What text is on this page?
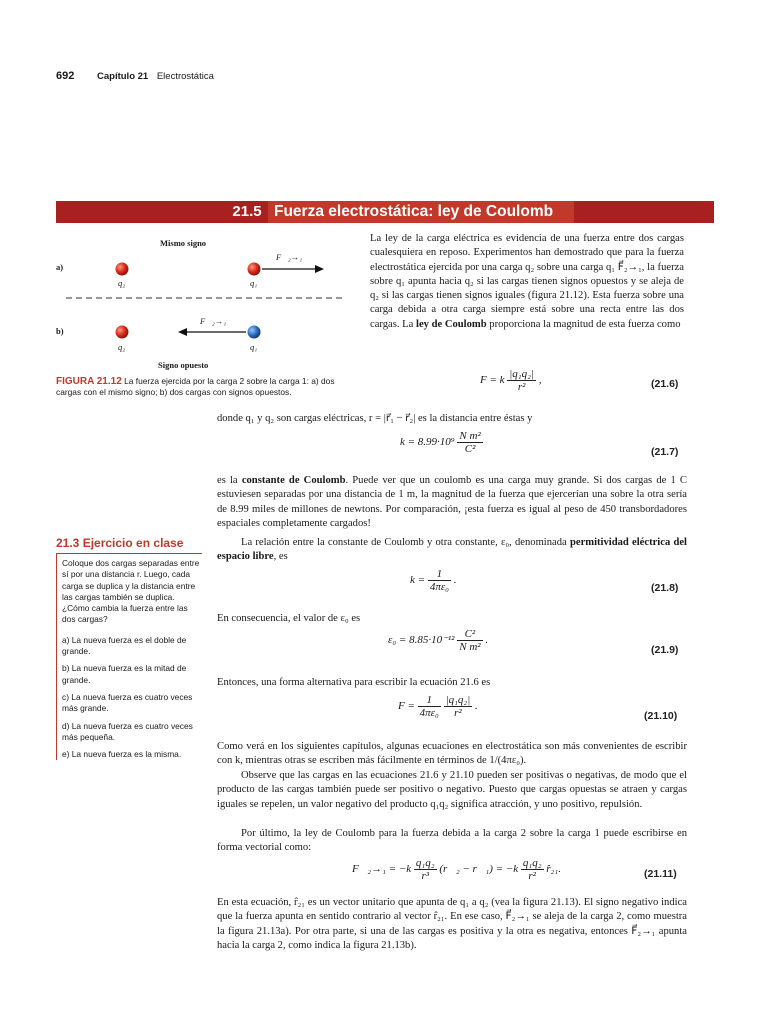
692 Capítulo 21 Electrostática
21.5 Fuerza electrostática: ley de Coulomb
Mismo signo
a)
q₂	q₁
F⃗₂→₁
b)
F⃗₂→₁
q₂	q₁
Signo opuesto
FIGURA 21.12 La fuerza ejercida por la carga 2 sobre la carga 1: a) dos cargas con el mismo signo; b) dos cargas con signos opuestos.
La ley de la carga eléctrica es evidencia de una fuerza entre dos cargas cualesquiera en reposo. Experimentos han demostrado que para la fuerza electrostática ejercida por una carga q₂ sobre una carga q₁ F⃗₂→₁, la fuerza sobre q₁ apunta hacia q₂ si las cargas tienen signos opuestos y se aleja de q₂ si las cargas tienen signos iguales (figura 21.12). Esta fuerza sobre una carga debida a otra carga siempre está sobre una recta entre las dos cargas. La ley de Coulomb proporciona la magnitud de esta fuerza como
F = k $\frac{\text{|q₁q₂|}}{\text{r²}}$ ,	(21.6)
donde q₁ y q₂ son cargas eléctricas, r = |r⃗₁ − r⃗₂| es la distancia entre éstas y
$k = 8.99\cdot 10^9 \frac{\text{N m²}}{\text{C²}}$	(21.7)
es la constante de Coulomb. Puede ver que un coulomb es una carga muy grande. Si dos cargas de 1 C estuviesen separadas por una distancia de 1 m, la magnitud de la fuerza que ejercerían una sobre la otra sería de 8.99 miles de millones de newtons. Por comparación, ¡esta fuerza es igual al peso de 450 transbordadores espaciales completamente cargados!
21.3 Ejercicio en clase
Coloque dos cargas separadas entre sí por una distancia r. Luego, cada carga se duplica y la distancia entre las cargas también se duplica. ¿Cómo cambia la fuerza entre las dos cargas?

a) La nueva fuerza es el doble de grande.

b) La nueva fuerza es la mitad de grande.

c) La nueva fuerza es cuatro veces más grande.

d) La nueva fuerza es cuatro veces más pequeña.

e) La nueva fuerza es la misma.

La relación entre la constante de Coulomb y otra constante, ε₀, denominada permitividad eléctrica del espacio libre, es
$k = \frac{1}{\text{4πε₀}}$ .
(21.8)
En consecuencia, el valor de ε₀ es
$\varepsilon_0 = 8.85\cdot 10^{-12} \frac{\text{C²}}{\text{N m²}}$ .
(21.9)
Entonces, una forma alternativa para escribir la ecuación 21.6 es
$F = \frac{1}{\text{4πε₀}}$
$\frac{\text{|q₁q₂|}}{\text{r²}}$ .
(21.10)
Como verá en los siguientes capítulos, algunas ecuaciones en electrostática son más convenientes de escribir con k, mientras otras se escriben más fácilmente en términos de 1/(4πε₀).
Observe que las cargas en las ecuaciones 21.6 y 21.10 pueden ser positivas o negativas, de modo que el producto de las cargas también puede ser positivo o negativo. Puesto que cargas opuestas se atraen y cargas iguales se repelen, un valor negativo del producto q₁q₂ significa atracción, y uno positivo, repulsión.
Por último, la ley de Coulomb para la fuerza debida a la carga 2 sobre la carga 1 puede escribirse en forma vectorial como:
F⃗₂→₁ = $-k \frac{\text{q₁q₂}}{\text{r³}}$ (r⃗₂ − r⃗₁) = $-k \frac{\text{q₁q₂}}{\text{r²}}$ r̂₂₁.	(21.11)
En esta ecuación, r̂₂₁ es un vector unitario que apunta de q₁ a q₂ (vea la figura 21.13). El signo negativo indica que la fuerza apunta en sentido contrario al vector r̂₂₁. En ese caso, F⃗₂→₁ se aleja de la carga 2, como muestra la figura 21.13a). Por otra parte, si una de las cargas es positiva y la otra es negativa, entonces F⃗₂→₁ apunta hacia la carga 2, como indica la figura 21.13b).
